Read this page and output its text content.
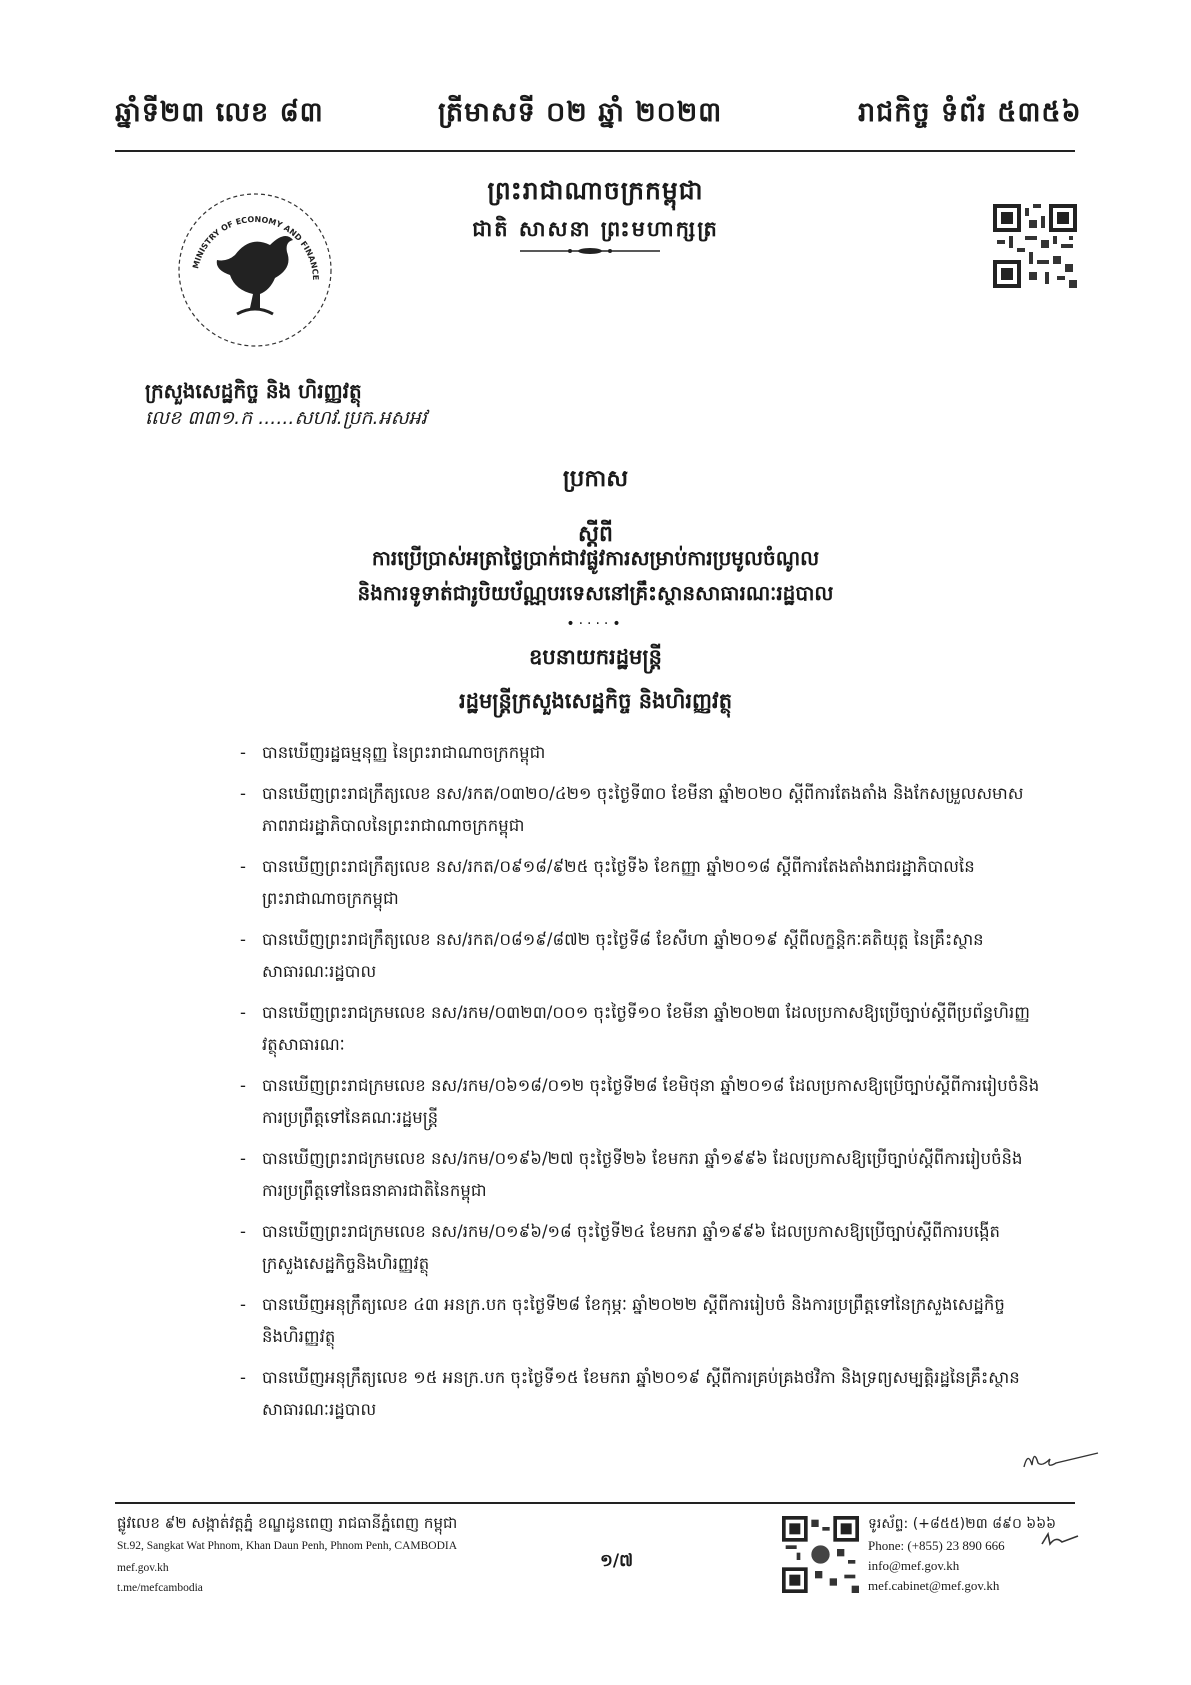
ឆ្នាំទី២៣ លេខ ៨៣	ត្រីមាសទី ០២ ឆ្នាំ ២០២៣	រាជកិច្ច ទំព័រ ៥៣៥៦
ព្រះរាជាណាចក្រកម្ពុជា
ជាតិ សាសនា ព្រះមហាក្សត្រ
MINISTRY OF ECONOMY AND FINANCE
ក្រសួងសេដ្ឋកិច្ច និង ហិរញ្ញវត្ថុ
លេខ ៣៣១.ក ......សហវ.ប្រក.អសអវ
ប្រកាស
ស្តីពី
ការប្រើប្រាស់អត្រាថ្លៃប្រាក់ជាវផ្លូវការសម្រាប់ការប្រមូលចំណូល
និងការទូទាត់ជារូបិយប័ណ្ណបរទេសនៅគ្រឹះស្ថានសាធារណៈរដ្ឋបាល
•····•
ឧបនាយករដ្ឋមន្ត្រី
រដ្ឋមន្ត្រីក្រសួងសេដ្ឋកិច្ច និងហិរញ្ញវត្ថុ
- បានឃើញរដ្ឋធម្មនុញ្ញ នៃព្រះរាជាណាចក្រកម្ពុជា
- បានឃើញព្រះរាជក្រឹត្យលេខ នស/រកត/០៣២០/៤២១ ចុះថ្ងៃទី៣០ ខែមីនា ឆ្នាំ២០២០ ស្តីពីការតែងតាំង និងកែសម្រួលសមាសភាពរាជរដ្ឋាភិបាលនៃព្រះរាជាណាចក្រកម្ពុជា
- បានឃើញព្រះរាជក្រឹត្យលេខ នស/រកត/០៩១៨/៩២៥ ចុះថ្ងៃទី៦ ខែកញ្ញា ឆ្នាំ២០១៨ ស្តីពីការតែងតាំងរាជរដ្ឋាភិបាលនៃព្រះរាជាណាចក្រកម្ពុជា
- បានឃើញព្រះរាជក្រឹត្យលេខ នស/រកត/០៨១៩/៨៧២ ចុះថ្ងៃទី៨ ខែសីហា ឆ្នាំ២០១៩ ស្តីពីលក្ខន្តិកៈគតិយុត្ត នៃគ្រឹះស្ថានសាធារណៈរដ្ឋបាល
- បានឃើញព្រះរាជក្រមលេខ នស/រកម/០៣២៣/០០១ ចុះថ្ងៃទី១០ ខែមីនា ឆ្នាំ២០២៣ ដែលប្រកាសឱ្យប្រើច្បាប់ស្តីពីប្រព័ន្ធហិរញ្ញវត្ថុសាធារណៈ
- បានឃើញព្រះរាជក្រមលេខ នស/រកម/០៦១៨/០១២ ចុះថ្ងៃទី២៨ ខែមិថុនា ឆ្នាំ២០១៨ ដែលប្រកាសឱ្យប្រើច្បាប់ស្តីពីការរៀបចំនិងការប្រព្រឹត្តទៅនៃគណៈរដ្ឋមន្ត្រី
- បានឃើញព្រះរាជក្រមលេខ នស/រកម/០១៩៦/២៧ ចុះថ្ងៃទី២៦ ខែមករា ឆ្នាំ១៩៩៦ ដែលប្រកាសឱ្យប្រើច្បាប់ស្តីពីការរៀបចំនិងការប្រព្រឹត្តទៅនៃធនាគារជាតិនៃកម្ពុជា
- បានឃើញព្រះរាជក្រមលេខ នស/រកម/០១៩៦/១៨ ចុះថ្ងៃទី២៤ ខែមករា ឆ្នាំ១៩៩៦ ដែលប្រកាសឱ្យប្រើច្បាប់ស្តីពីការបង្កើតក្រសួងសេដ្ឋកិច្ចនិងហិរញ្ញវត្ថុ
- បានឃើញអនុក្រឹត្យលេខ ៤៣ អនក្រ.បក ចុះថ្ងៃទី២៨ ខែកុម្ភៈ ឆ្នាំ២០២២ ស្តីពីការរៀបចំ និងការប្រព្រឹត្តទៅនៃក្រសួងសេដ្ឋកិច្ចនិងហិរញ្ញវត្ថុ
- បានឃើញអនុក្រឹត្យលេខ ១៥ អនក្រ.បក ចុះថ្ងៃទី១៥ ខែមករា ឆ្នាំ២០១៩ ស្តីពីការគ្រប់គ្រងថវិកា និងទ្រព្យសម្បត្តិរដ្ឋនៃគ្រឹះស្ថានសាធារណៈរដ្ឋបាល
ផ្លូវលេខ ៩២ សង្កាត់វត្តភ្នំ ខណ្ឌដូនពេញ រាជធានីភ្នំពេញ កម្ពុជា
St.92, Sangkat Wat Phnom, Khan Daun Penh, Phnom Penh, CAMBODIA
mef.gov.kh
t.me/mefcambodia
១/៧
ទូរស័ព្ទ: (+៨៥៥)២៣ ៨៩០ ៦៦៦
Phone: (+855) 23 890 666
info@mef.gov.kh
mef.cabinet@mef.gov.kh
